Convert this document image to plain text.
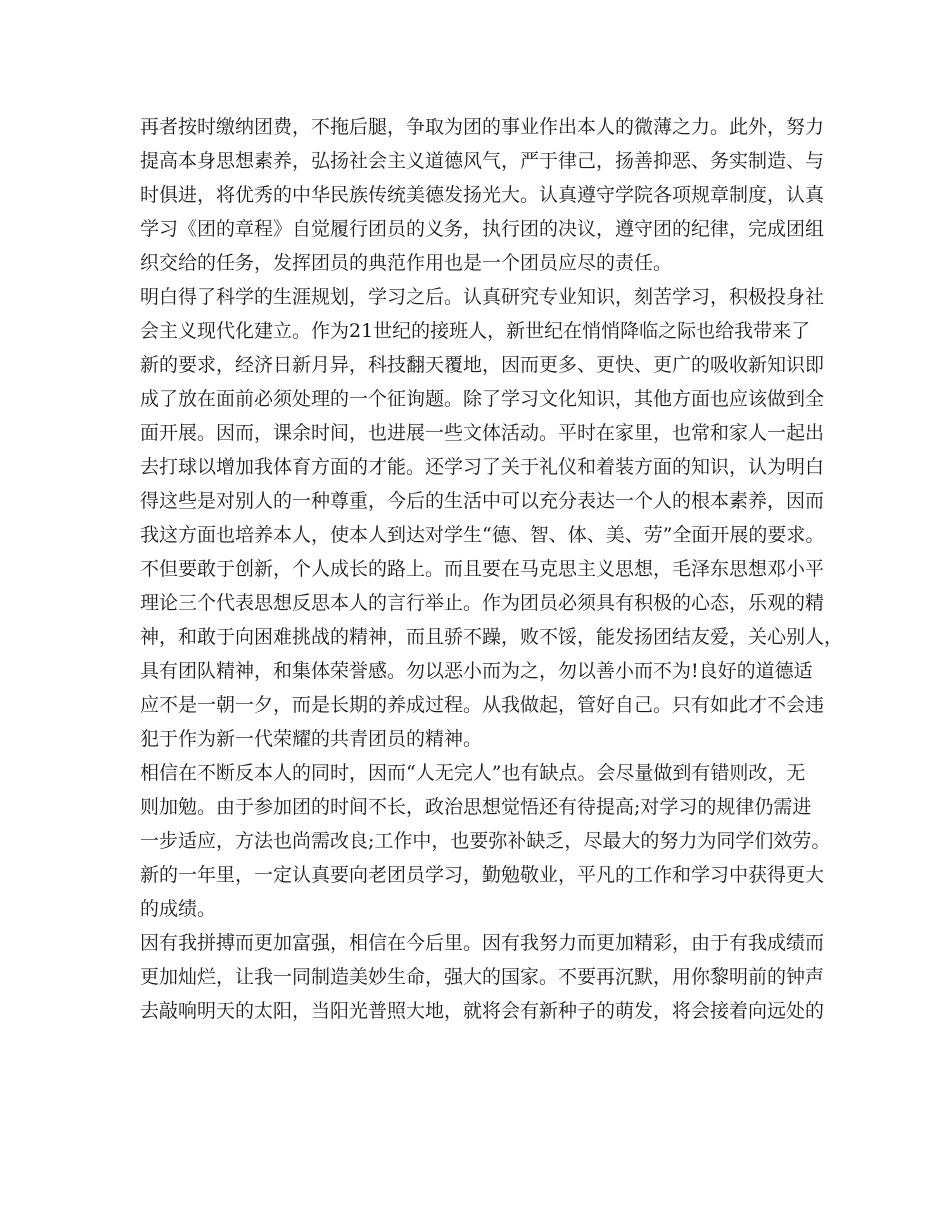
再者按时缴纳团费，不拖后腿，争取为团的事业作出本人的微薄之力。此外，努力
提高本身思想素养，弘扬社会主义道德风气，严于律己，扬善抑恶、务实制造、与
时俱进，将优秀的中华民族传统美德发扬光大。认真遵守学院各项规章制度，认真
学习《团的章程》自觉履行团员的义务，执行团的决议，遵守团的纪律，完成团组
织交给的任务，发挥团员的典范作用也是一个团员应尽的责任。
明白得了科学的生涯规划，学习之后。认真研究专业知识，刻苦学习，积极投身社
会主义现代化建立。作为21世纪的接班人，新世纪在悄悄降临之际也给我带来了
新的要求，经济日新月异，科技翻天覆地，因而更多、更快、更广的吸收新知识即
成了放在面前必须处理的一个征询题。除了学习文化知识，其他方面也应该做到全
面开展。因而，课余时间，也进展一些文体活动。平时在家里，也常和家人一起出
去打球以增加我体育方面的才能。还学习了关于礼仪和着装方面的知识，认为明白
得这些是对别人的一种尊重，今后的生活中可以充分表达一个人的根本素养，因而
我这方面也培养本人，使本人到达对学生“德、智、体、美、劳”全面开展的要求。
不但要敢于创新，个人成长的路上。而且要在马克思主义思想，毛泽东思想邓小平
理论三个代表思想反思本人的言行举止。作为团员必须具有积极的心态，乐观的精
神，和敢于向困难挑战的精神，而且骄不躁，败不馁，能发扬团结友爱，关心别人，
具有团队精神，和集体荣誉感。勿以恶小而为之，勿以善小而不为!良好的道德适
应不是一朝一夕，而是长期的养成过程。从我做起，管好自己。只有如此才不会违
犯于作为新一代荣耀的共青团员的精神。
相信在不断反本人的同时，因而“人无完人”也有缺点。会尽量做到有错则改，无
则加勉。由于参加团的时间不长，政治思想觉悟还有待提高;对学习的规律仍需进
一步适应，方法也尚需改良;工作中，也要弥补缺乏，尽最大的努力为同学们效劳。
新的一年里，一定认真要向老团员学习，勤勉敬业，平凡的工作和学习中获得更大
的成绩。
因有我拼搏而更加富强，相信在今后里。因有我努力而更加精彩，由于有我成绩而
更加灿烂，让我一同制造美妙生命，强大的国家。不要再沉默，用你黎明前的钟声
去敲响明天的太阳，当阳光普照大地，就将会有新种子的萌发，将会接着向远处的
